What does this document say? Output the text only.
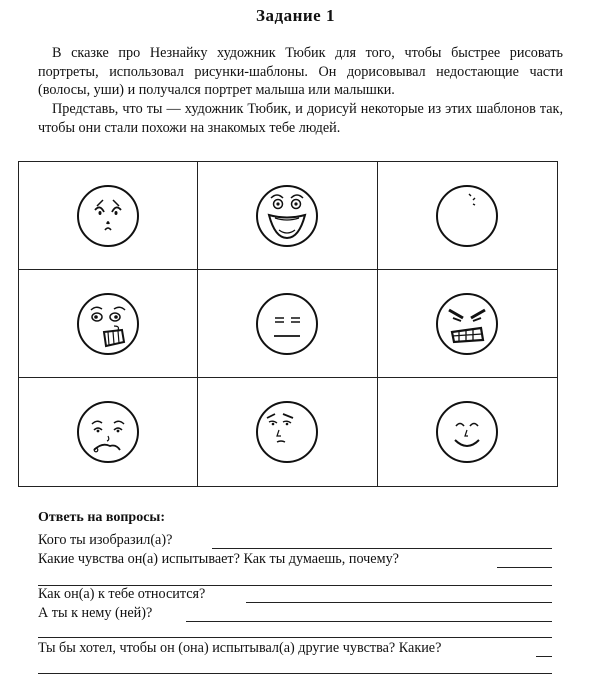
Задание 1
В сказке про Незнайку художник Тюбик для того, чтобы быстрее рисовать портреты, использовал рисунки-шаблоны. Он дорисовывал недостающие части (волосы, уши) и получался портрет малыша или малышки.
Представь, что ты — художник Тюбик, и дорисуй некоторые из этих шаблонов так, чтобы они стали похожи на знакомых тебе людей.
Ответь на вопросы:
Кого ты изобразил(а)?
Какие чувства он(а) испытывает? Как ты думаешь, почему?
Как он(а) к тебе относится?
А ты к нему (ней)?
Ты бы хотел, чтобы он (она) испытывал(а) другие чувства? Какие?
